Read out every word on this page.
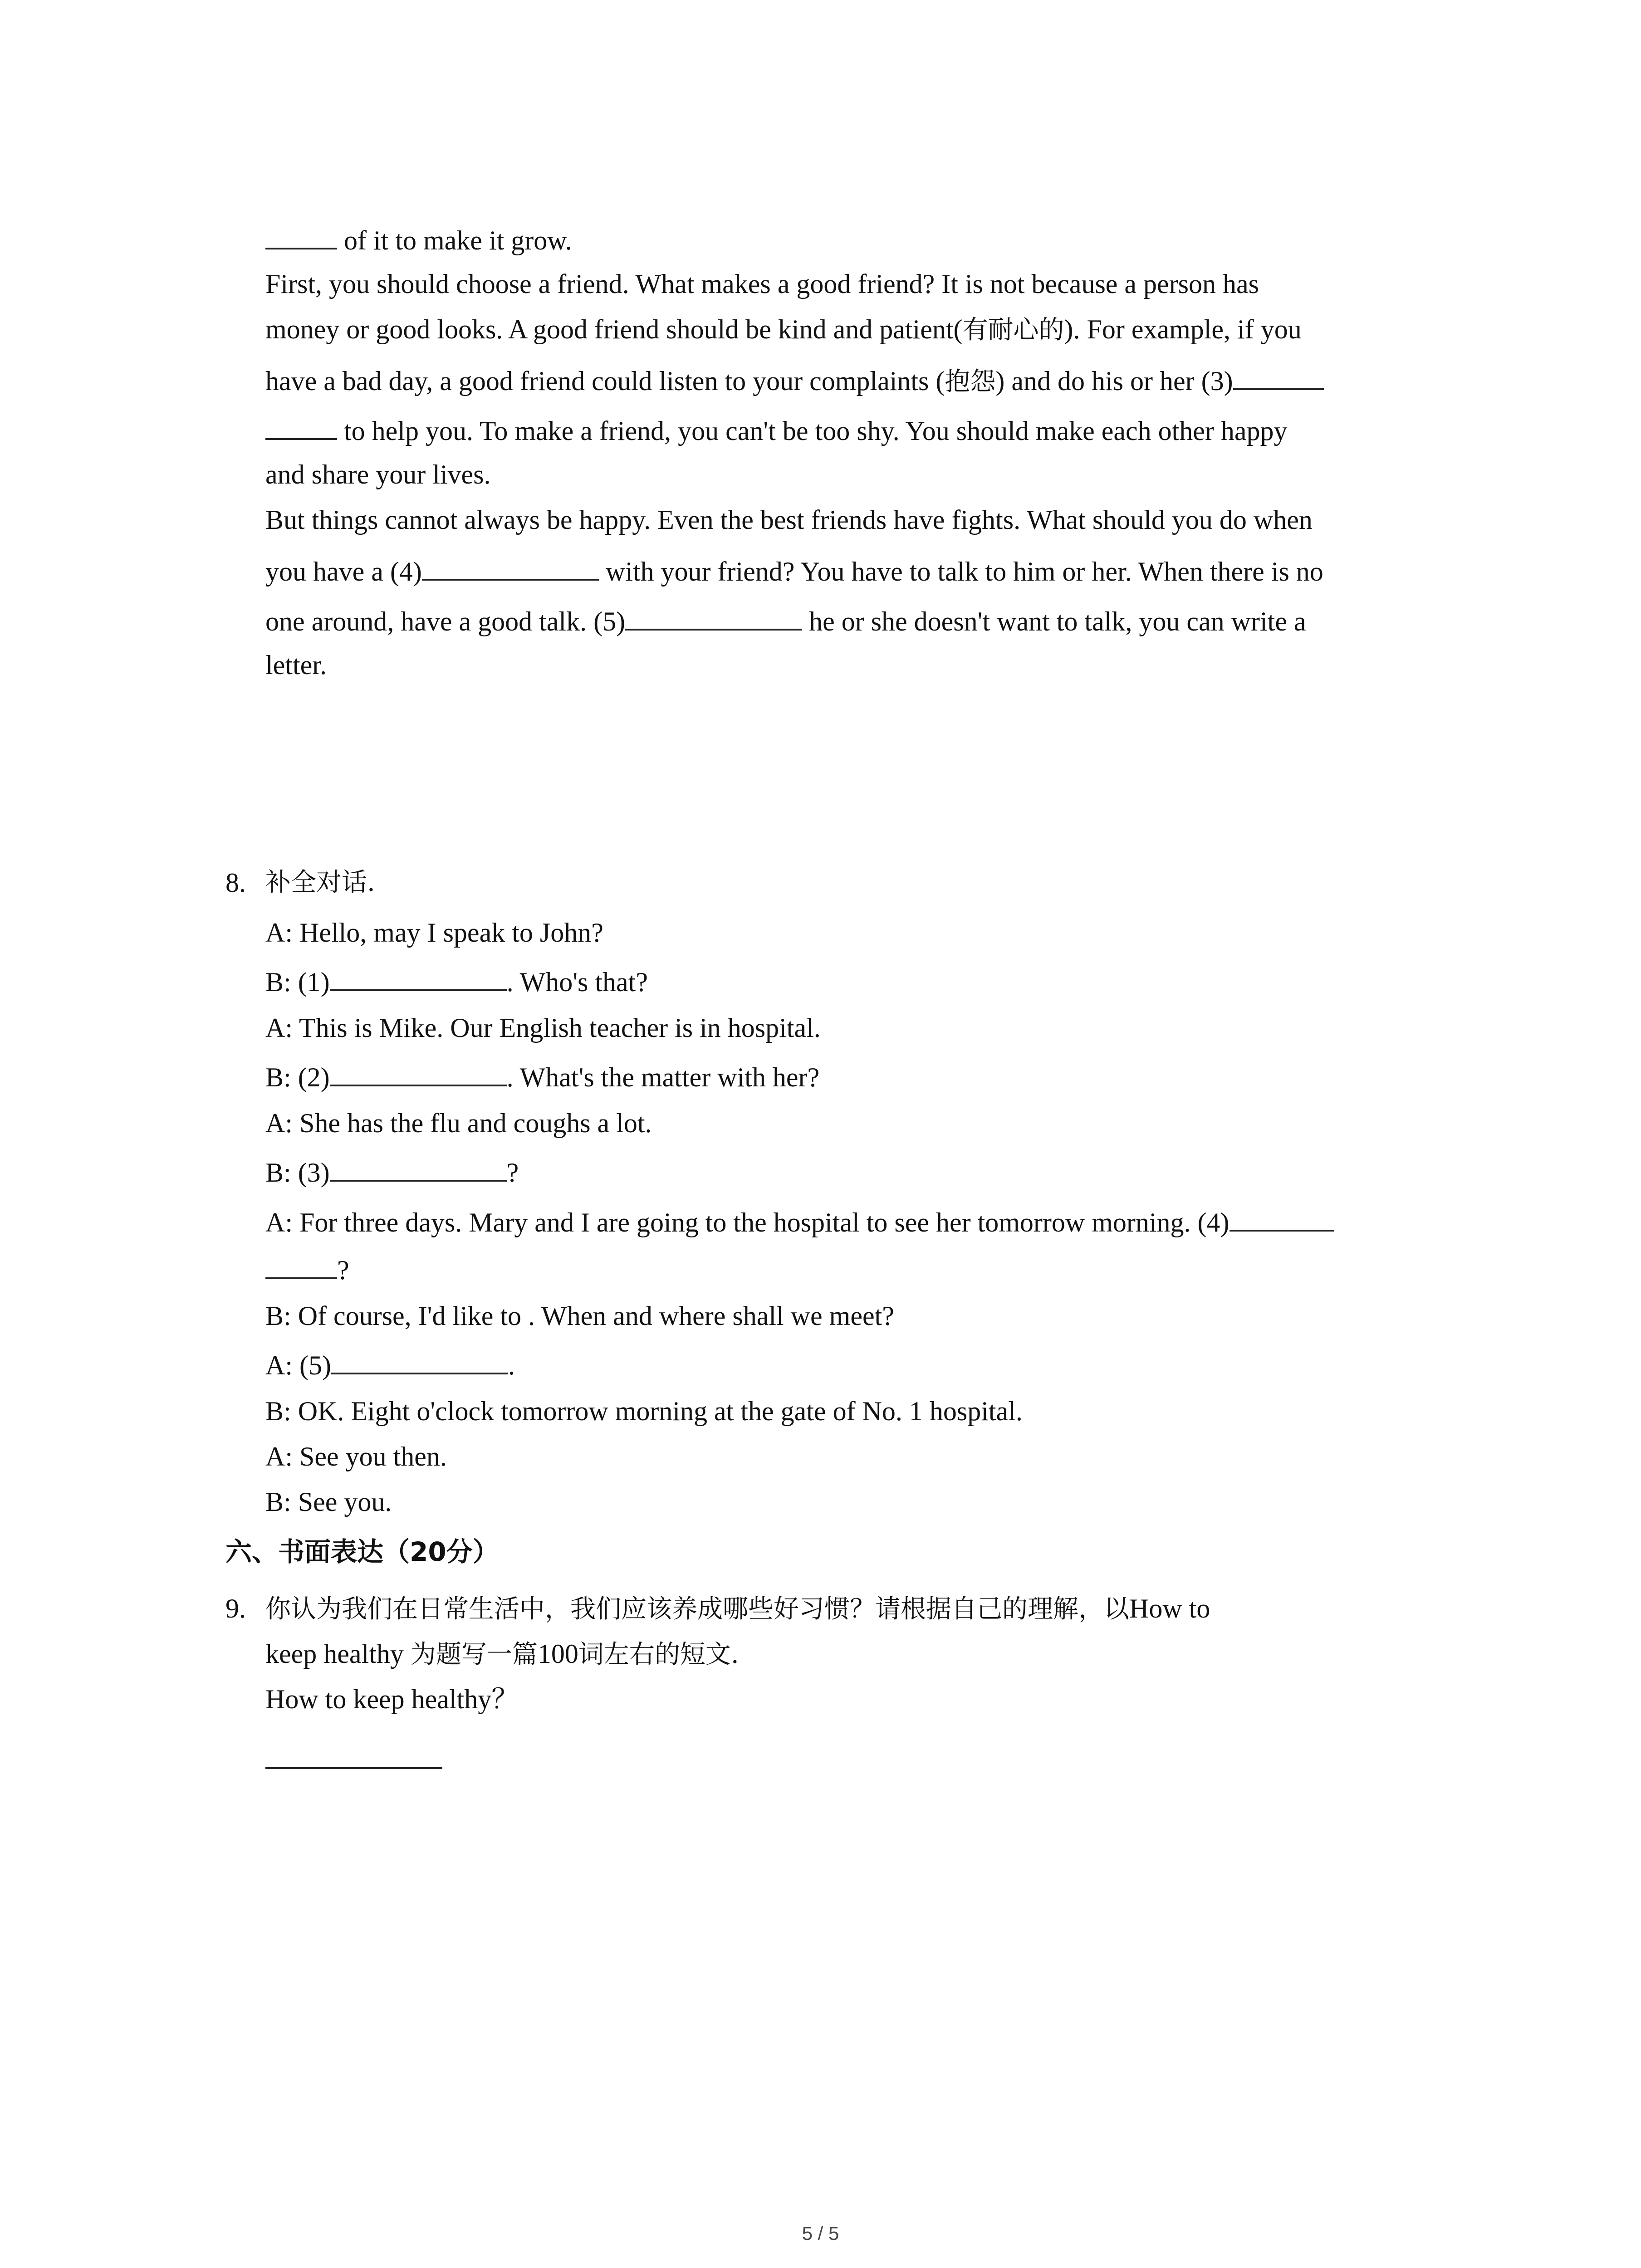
of it to make it grow.
First, you should choose a friend. What makes a good friend? It is not because a person has
money or good looks. A good friend should be kind and patient(有耐心的). For example, if you
have a bad day, a good friend could listen to your complaints (抱怨) and do his or her (3)
to help you. To make a friend, you can't be too shy. You should make each other happy
and share your lives.
But things cannot always be happy. Even the best friends have fights. What should you do when
you have a (4)	with your friend? You have to talk to him or her. When there is no
one around, have a good talk. (5)	he or she doesn't want to talk, you can write a
letter.
8. 补全对话.
A: Hello, may I speak to John?
B: (1)	. Who's that?
A: This is Mike. Our English teacher is in hospital.
B: (2)	. What's the matter with her?
A: She has the flu and coughs a lot.
B: (3)	?
A: For three days. Mary and I are going to the hospital to see her tomorrow morning. (4)
?
B: Of course, I'd like to . When and where shall we meet?
A: (5)	.
B: OK. Eight o'clock tomorrow morning at the gate of No. 1 hospital.
A: See you then.
B: See you.
六、书面表达（20分）
9. 你认为我们在日常生活中，我们应该养成哪些好习惯？请根据自己的理解，以How to
keep healthy 为题写一篇100词左右的短文.
How to keep healthy？
5 / 5
